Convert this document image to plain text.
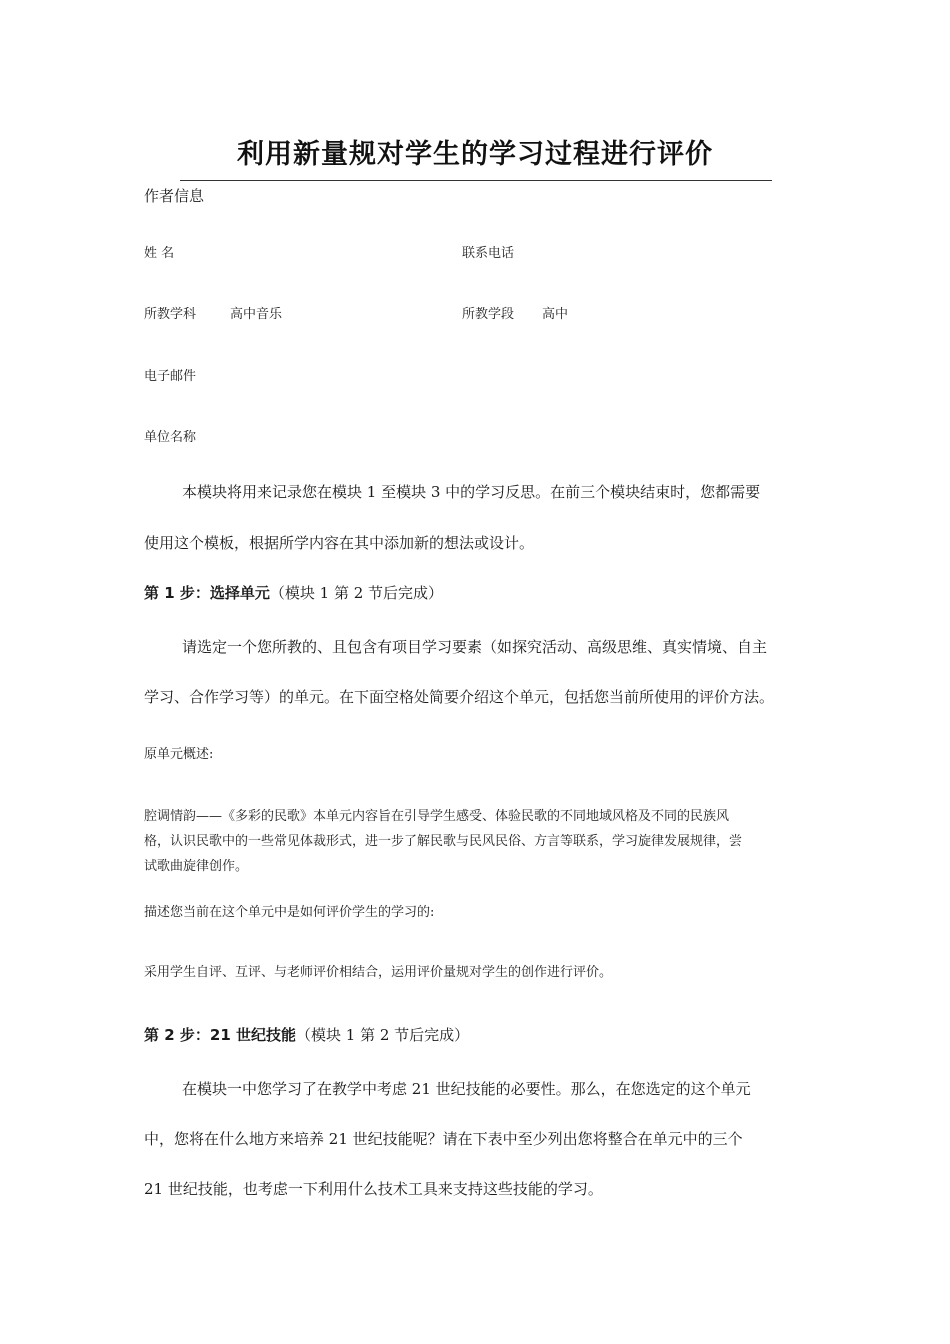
利用新量规对学生的学习过程进行评价
作者信息
姓 名	联系电话
所教学科	高中音乐	所教学段 高中
电子邮件
单位名称
本模块将用来记录您在模块 1 至模块 3 中的学习反思。在前三个模块结束时，您都需要
使用这个模板，根据所学内容在其中添加新的想法或设计。
第 1 步：选择单元（模块 1 第 2 节后完成）
请选定一个您所教的、且包含有项目学习要素（如探究活动、高级思维、真实情境、自主
学习、合作学习等）的单元。在下面空格处简要介绍这个单元，包括您当前所使用的评价方法。
原单元概述:
腔调情韵——《多彩的民歌》本单元内容旨在引导学生感受、体验民歌的不同地域风格及不同的民族风
格，认识民歌中的一些常见体裁形式，进一步了解民歌与民风民俗、方言等联系，学习旋律发展规律，尝
试歌曲旋律创作。
描述您当前在这个单元中是如何评价学生的学习的:
采用学生自评、互评、与老师评价相结合，运用评价量规对学生的创作进行评价。
第 2 步：21 世纪技能（模块 1 第 2 节后完成）
在模块一中您学习了在教学中考虑 21 世纪技能的必要性。那么，在您选定的这个单元
中，您将在什么地方来培养 21 世纪技能呢？请在下表中至少列出您将整合在单元中的三个
21 世纪技能，也考虑一下利用什么技术工具来支持这些技能的学习。
